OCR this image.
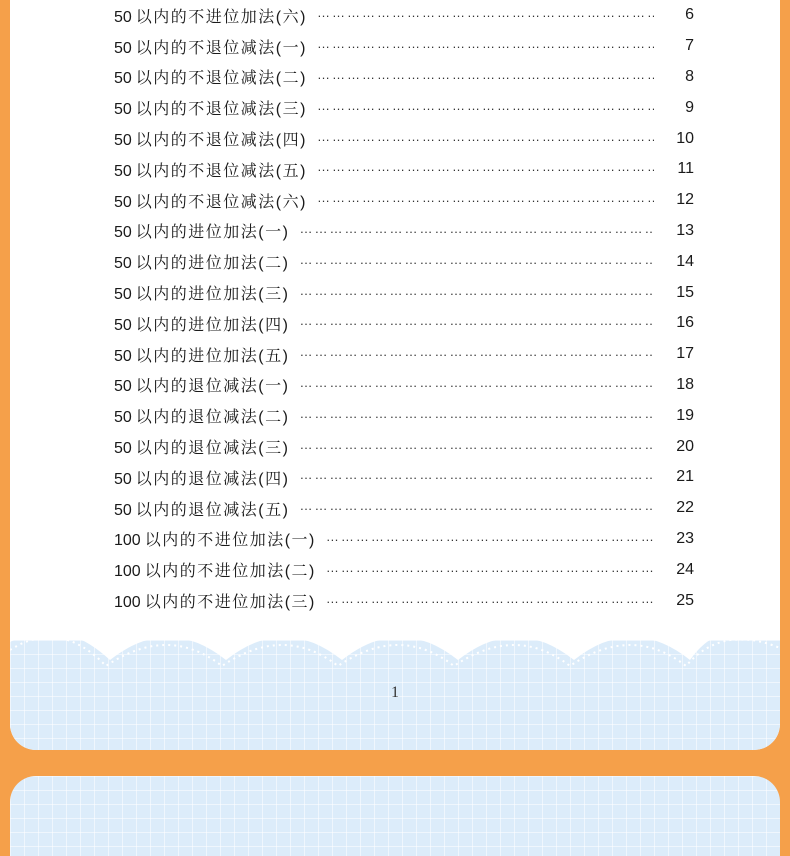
50 以内的不进位加法(六) ………………………………………………………………………………………………	6
50 以内的不退位减法(一) ………………………………………………………………………………………………	7
50 以内的不退位减法(二) ………………………………………………………………………………………………	8
50 以内的不退位减法(三) ………………………………………………………………………………………………	9
50 以内的不退位减法(四) ………………………………………………………………………………………………	10
50 以内的不退位减法(五) ………………………………………………………………………………………………	11
50 以内的不退位减法(六) ………………………………………………………………………………………………	12
50 以内的进位加法(一) ………………………………………………………………………………………………	13
50 以内的进位加法(二) ………………………………………………………………………………………………	14
50 以内的进位加法(三) ………………………………………………………………………………………………	15
50 以内的进位加法(四) ………………………………………………………………………………………………	16
50 以内的进位加法(五) ………………………………………………………………………………………………	17
50 以内的退位减法(一) ………………………………………………………………………………………………	18
50 以内的退位减法(二) ………………………………………………………………………………………………	19
50 以内的退位减法(三) ………………………………………………………………………………………………	20
50 以内的退位减法(四) ………………………………………………………………………………………………	21
50 以内的退位减法(五) ………………………………………………………………………………………………	22
100 以内的不进位加法(一) ………………………………………………………………………………………………	23
100 以内的不进位加法(二) ………………………………………………………………………………………………	24
100 以内的不进位加法(三) ………………………………………………………………………………………………	25
1
